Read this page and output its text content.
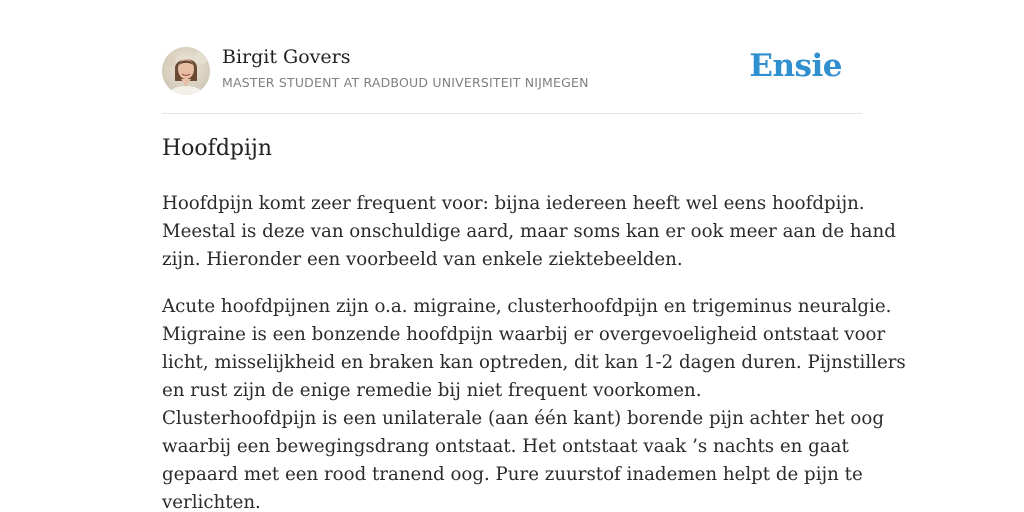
Birgit Govers
MASTER STUDENT AT RADBOUD UNIVERSITEIT NIJMEGEN	Ensie
Hoofdpijn

Hoofdpijn komt zeer frequent voor: bijna iedereen heeft wel eens hoofdpijn.
Meestal is deze van onschuldige aard, maar soms kan er ook meer aan de hand
zijn. Hieronder een voorbeeld van enkele ziektebeelden.

Acute hoofdpijnen zijn o.a. migraine, clusterhoofdpijn en trigeminus neuralgie.
Migraine is een bonzende hoofdpijn waarbij er overgevoeligheid ontstaat voor
licht, misselijkheid en braken kan optreden, dit kan 1-2 dagen duren. Pijnstillers
en rust zijn de enige remedie bij niet frequent voorkomen.
Clusterhoofdpijn is een unilaterale (aan één kant) borende pijn achter het oog
waarbij een bewegingsdrang ontstaat. Het ontstaat vaak ’s nachts en gaat
gepaard met een rood tranend oog. Pure zuurstof inademen helpt de pijn te
verlichten.
